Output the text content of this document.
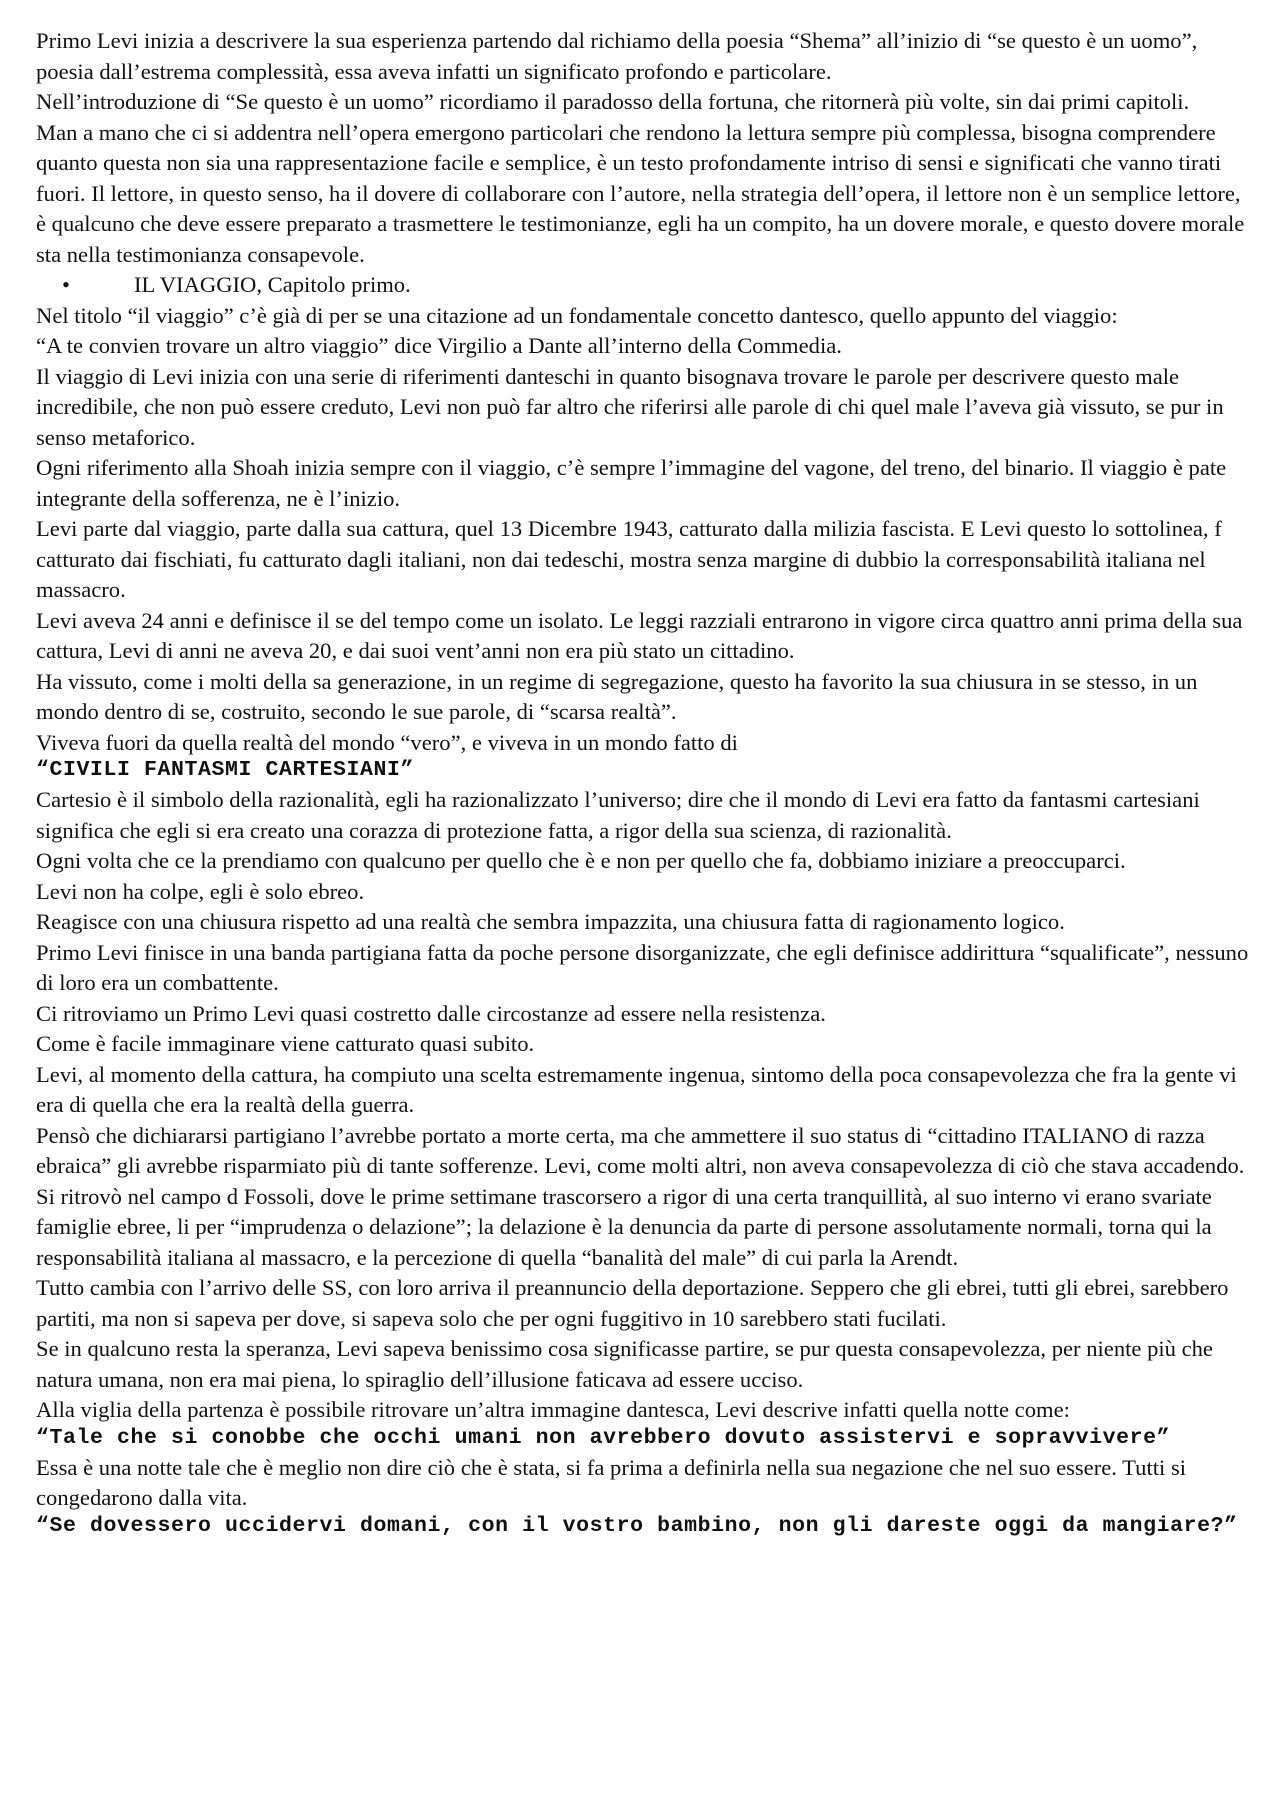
Primo Levi inizia a descrivere la sua esperienza partendo dal richiamo della poesia “Shema” all’inizio di “se questo è un uomo”, poesia dall’estrema complessità, essa aveva infatti un significato profondo e particolare.

Nell’introduzione di “Se questo è un uomo” ricordiamo il paradosso della fortuna, che ritornerà più volte, sin dai primi capitoli.

Man a mano che ci si addentra nell’opera emergono particolari che rendono la lettura sempre più complessa, bisogna comprendere quanto questa non sia una rappresentazione facile e semplice, è un testo profondamente intriso di sensi e significati che vanno tirati fuori. Il lettore, in questo senso, ha il dovere di collaborare con l’autore, nella strategia dell’opera, il lettore non è un semplice lettore, è qualcuno che deve essere preparato a trasmettere le testimonianze, egli ha un compito, ha un dovere morale, e questo dovere morale sta nella testimonianza consapevole.

•	IL VIAGGIO, Capitolo primo.

Nel titolo “il viaggio” c’è già di per se una citazione ad un fondamentale concetto dantesco, quello appunto del viaggio:

“A te convien trovare un altro viaggio” dice Virgilio a Dante all’interno della Commedia.

Il viaggio di Levi inizia con una serie di riferimenti danteschi in quanto bisognava trovare le parole per descrivere questo male incredibile, che non può essere creduto, Levi non può far altro che riferirsi alle parole di chi quel male l’aveva già vissuto, se pur in senso metaforico.

Ogni riferimento alla Shoah inizia sempre con il viaggio, c’è sempre l’immagine del vagone, del treno, del binario. Il viaggio è pate integrante della sofferenza, ne è l’inizio.

Levi parte dal viaggio, parte dalla sua cattura, quel 13 Dicembre 1943, catturato dalla milizia fascista. E Levi questo lo sottolinea, f catturato dai fischiati, fu catturato dagli italiani, non dai tedeschi, mostra senza margine di dubbio la corresponsabilità italiana nel massacro.

Levi aveva 24 anni e definisce il se del tempo come un isolato. Le leggi razziali entrarono in vigore circa quattro anni prima della sua cattura, Levi di anni ne aveva 20, e dai suoi vent’anni non era più stato un cittadino.

Ha vissuto, come i molti della sa generazione, in un regime di segregazione, questo ha favorito la sua chiusura in se stesso, in un mondo dentro di se, costruito, secondo le sue parole, di “scarsa realtà”.

Viveva fuori da quella realtà del mondo “vero”, e viveva in un mondo fatto di

“CIVILI FANTASMI CARTESIANI”

Cartesio è il simbolo della razionalità, egli ha razionalizzato l’universo; dire che il mondo di Levi era fatto da fantasmi cartesiani significa che egli si era creato una corazza di protezione fatta, a rigor della sua scienza, di razionalità.

Ogni volta che ce la prendiamo con qualcuno per quello che è e non per quello che fa, dobbiamo iniziare a preoccuparci.

Levi non ha colpe, egli è solo ebreo.

Reagisce con una chiusura rispetto ad una realtà che sembra impazzita, una chiusura fatta di ragionamento logico.

Primo Levi finisce in una banda partigiana fatta da poche persone disorganizzate, che egli definisce addirittura “squalificate”, nessuno di loro era un combattente.

Ci ritroviamo un Primo Levi quasi costretto dalle circostanze ad essere nella resistenza.

Come è facile immaginare viene catturato quasi subito.

Levi, al momento della cattura, ha compiuto una scelta estremamente ingenua, sintomo della poca consapevolezza che fra la gente vi era di quella che era la realtà della guerra.

Pensò che dichiararsi partigiano l’avrebbe portato a morte certa, ma che ammettere il suo status di “cittadino ITALIANO di razza ebraica” gli avrebbe risparmiato più di tante sofferenze. Levi, come molti altri, non aveva consapevolezza di ciò che stava accadendo.

Si ritrovò nel campo d Fossoli, dove le prime settimane trascorsero a rigor di una certa tranquillità, al suo interno vi erano svariate famiglie ebree, li per “imprudenza o delazione”; la delazione è la denuncia da parte di persone assolutamente normali, torna qui la responsabilità italiana al massacro, e la percezione di quella “banalità del male” di cui parla la Arendt.

Tutto cambia con l’arrivo delle SS, con loro arriva il preannuncio della deportazione. Seppero che gli ebrei, tutti gli ebrei, sarebbero partiti, ma non si sapeva per dove, si sapeva solo che per ogni fuggitivo in 10 sarebbero stati fucilati.

Se in qualcuno resta la speranza, Levi sapeva benissimo cosa significasse partire, se pur questa consapevolezza, per niente più che natura umana, non era mai piena, lo spiraglio dell’illusione faticava ad essere ucciso.

Alla viglia della partenza è possibile ritrovare un’altra immagine dantesca, Levi descrive infatti quella notte come:

“Tale che si conobbe che occhi umani non avrebbero dovuto assistervi e sopravvivere”

Essa è una notte tale che è meglio non dire ciò che è stata, si fa prima a definirla nella sua negazione che nel suo essere. Tutti si congedarono dalla vita.

“Se dovessero uccidervi domani, con il vostro bambino, non gli dareste oggi da mangiare?”
